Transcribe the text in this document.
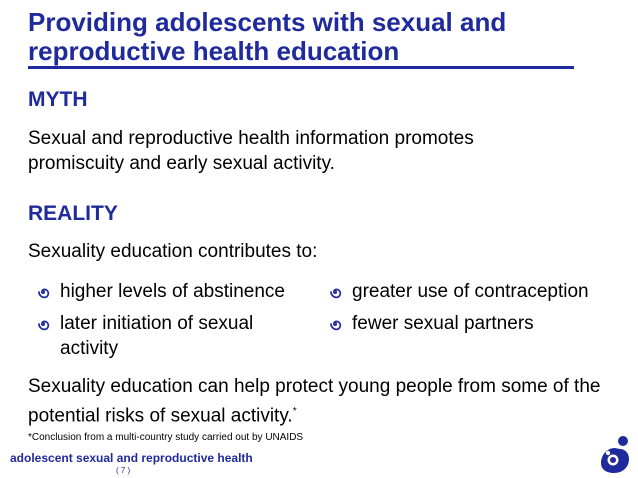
Providing adolescents with sexual and reproductive health education
MYTH

Sexual and reproductive health information promotes promiscuity and early sexual activity.

REALITY

Sexuality education contributes to:

higher levels of abstinence	greater use of contraception
later initiation of sexual activity
fewer sexual partners

Sexuality education can help protect young people from some of the potential risks of sexual activity.*

*Conclusion from a multi-country study carried out by UNAIDS

adolescent sexual and reproductive health

( 7 )
